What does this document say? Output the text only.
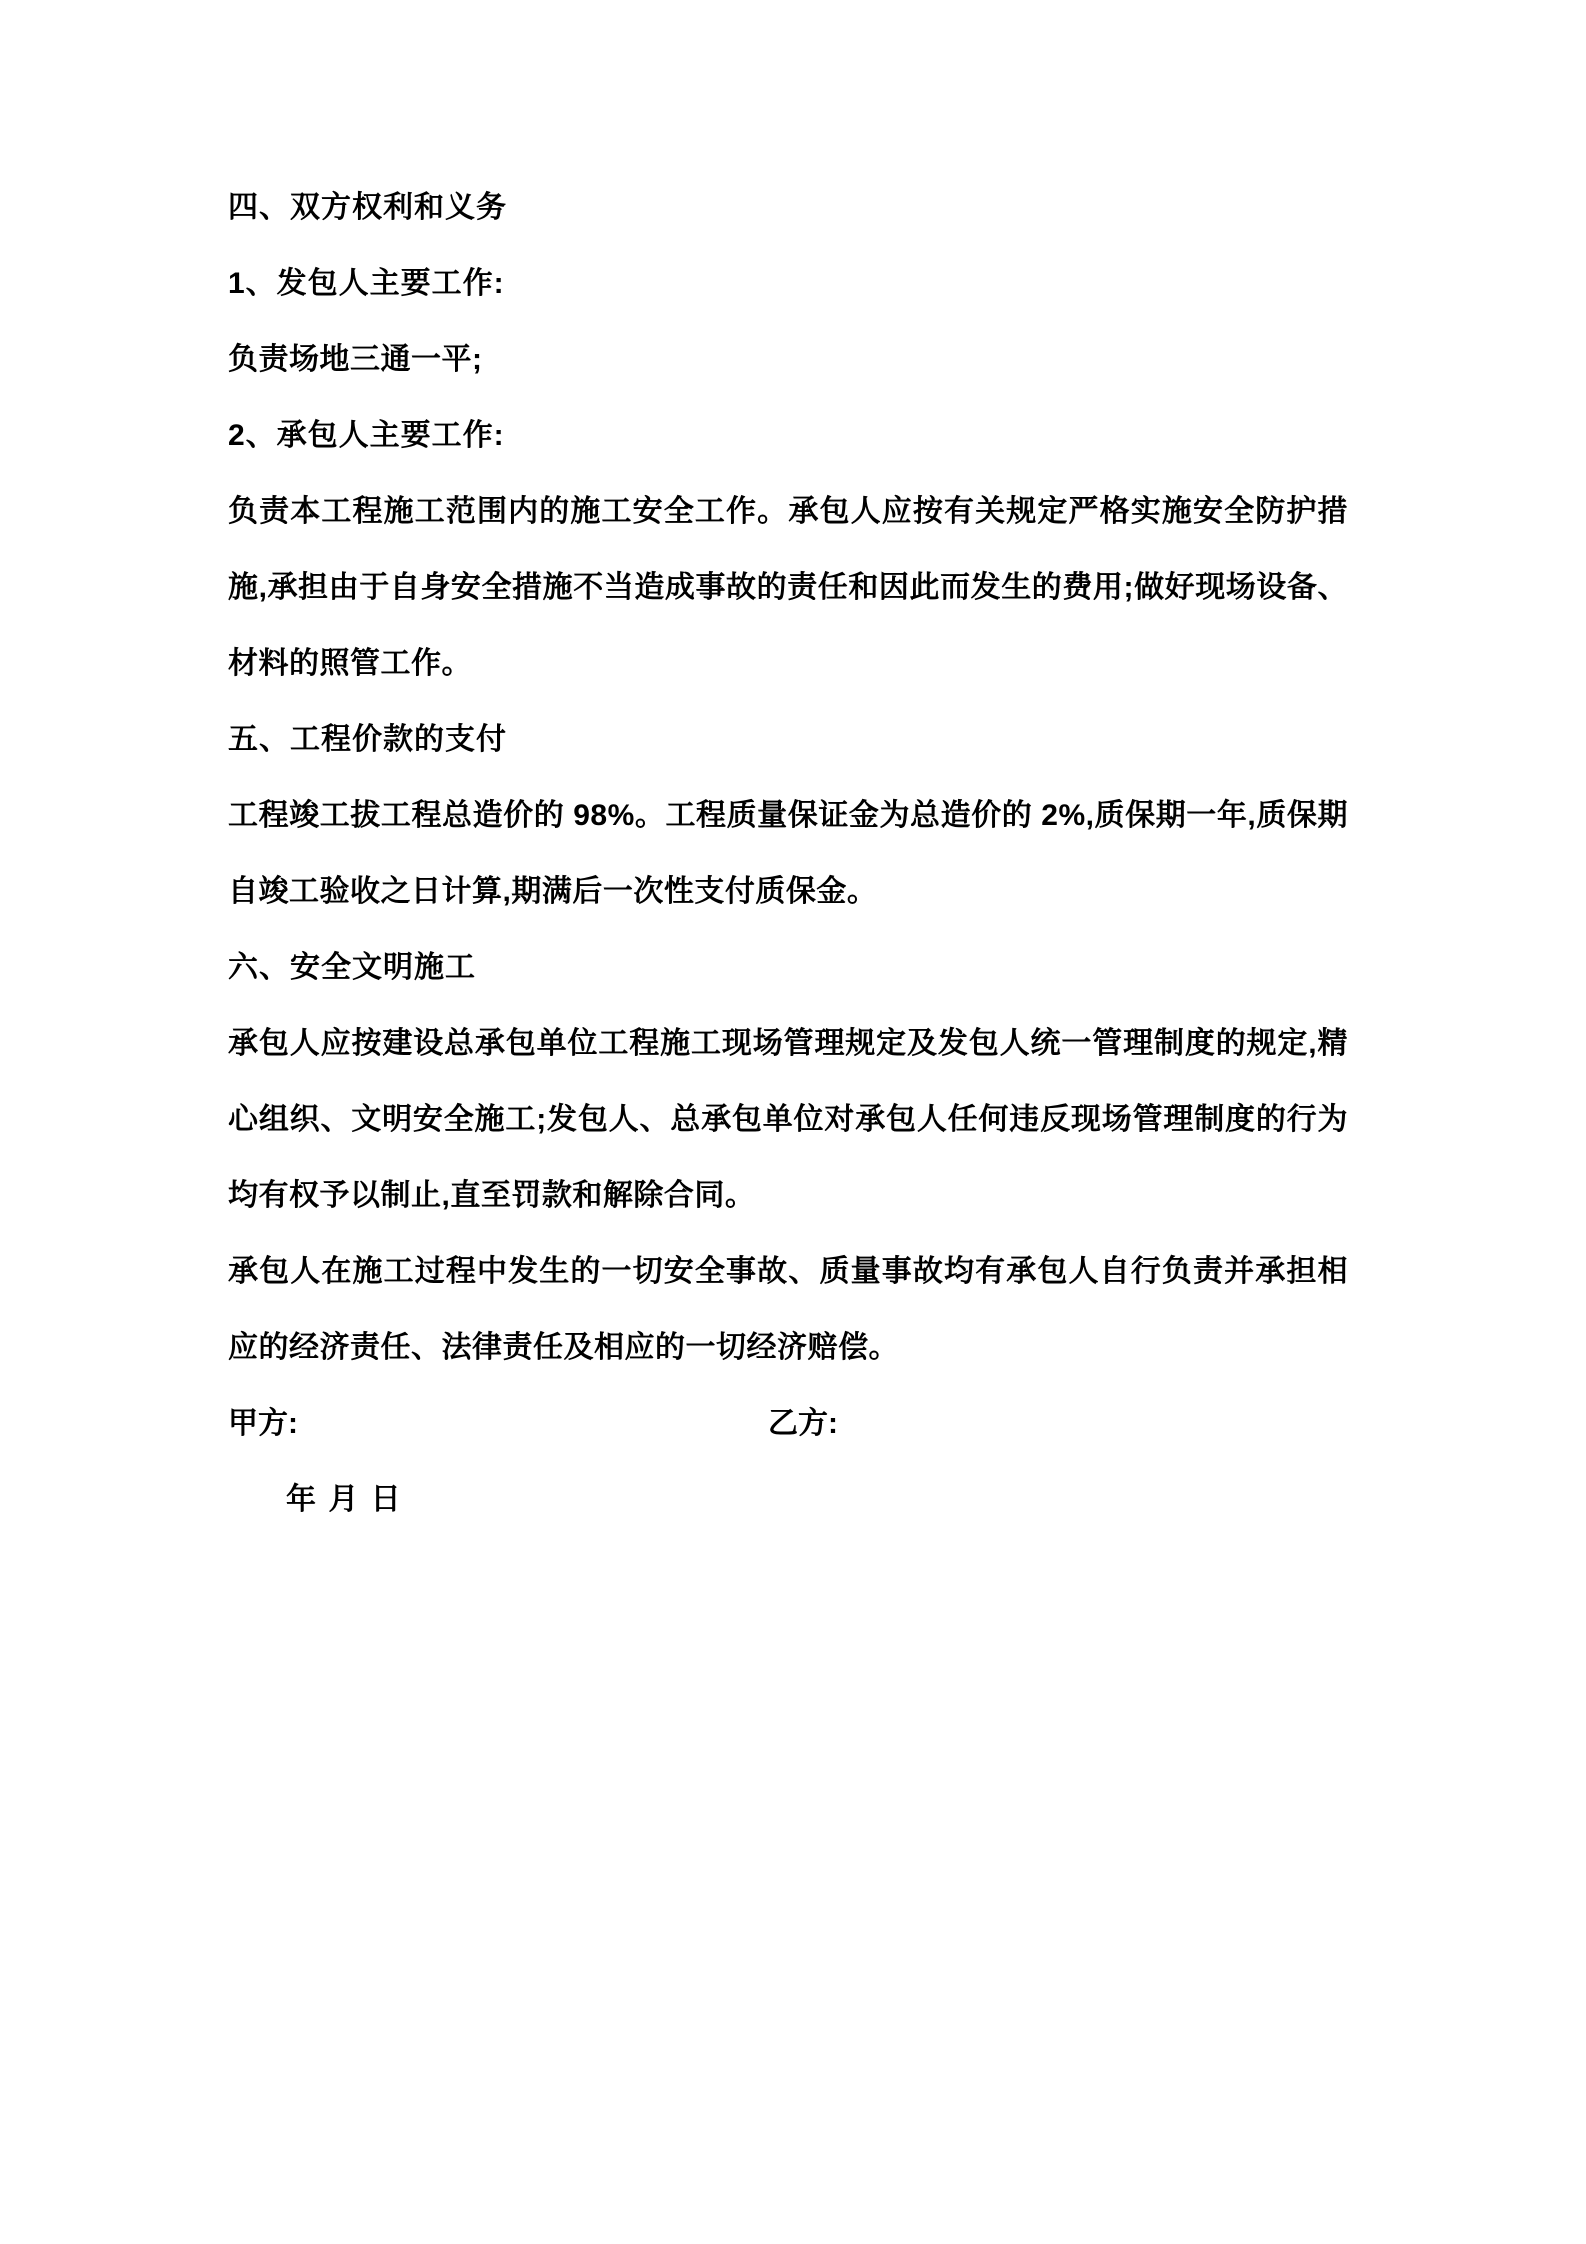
四、双方权利和义务

1、发包人主要工作:

负责场地三通一平;

2、承包人主要工作:

负责本工程施工范围内的施工安全工作。承包人应按有关规定严格实施安全防护措施,承担由于自身安全措施不当造成事故的责任和因此而发生的费用;做好现场设备、材料的照管工作。

五、工程价款的支付

工程竣工拔工程总造价的 98%。工程质量保证金为总造价的 2%,质保期一年,质保期自竣工验收之日计算,期满后一次性支付质保金。

六、安全文明施工

承包人应按建设总承包单位工程施工现场管理规定及发包人统一管理制度的规定,精心组织、文明安全施工;发包人、总承包单位对承包人任何违反现场管理制度的行为均有权予以制止,直至罚款和解除合同。

承包人在施工过程中发生的一切安全事故、质量事故均有承包人自行负责并承担相应的经济责任、法律责任及相应的一切经济赔偿。

甲方:	乙方:

年 月 日
